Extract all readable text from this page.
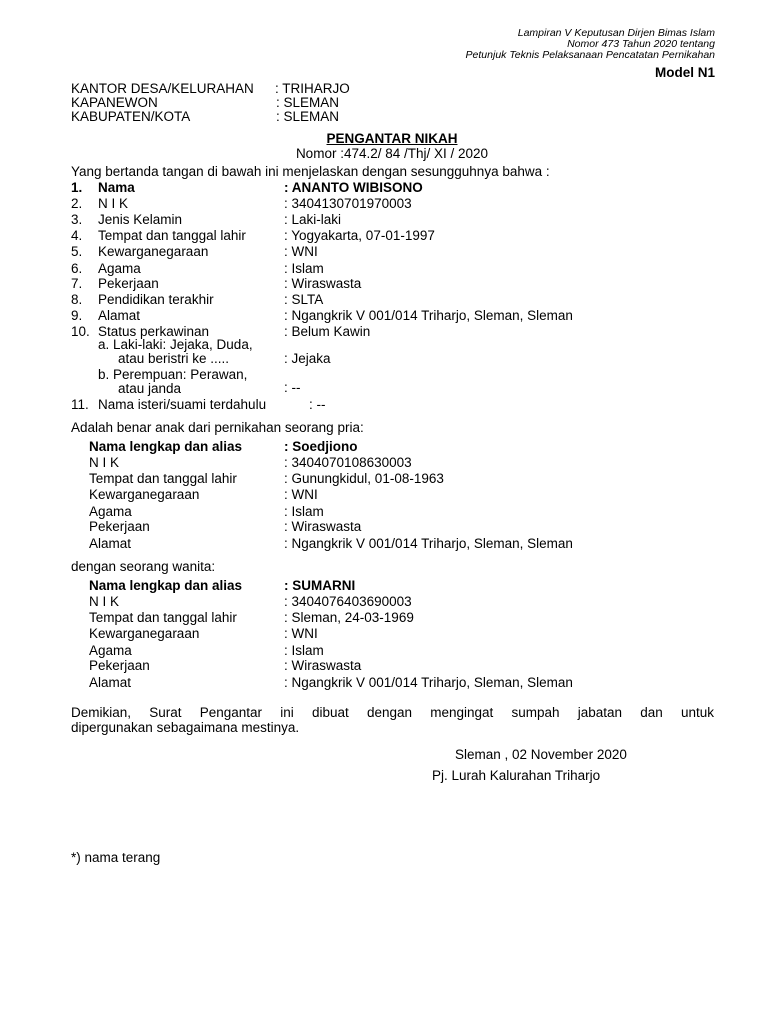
Lampiran V Keputusan Dirjen Bimas Islam
Nomor 473 Tahun 2020 tentang
Petunjuk Teknis Pelaksanaan Pencatatan Pernikahan
Model N1
KANTOR DESA/KELURAHAN : TRIHARJO
KAPANEWON	: SLEMAN
KABUPATEN/KOTA	: SLEMAN
PENGANTAR NIKAH
Nomor :474.2/ 84 /Thj/ XI / 2020
Yang bertanda tangan di bawah ini menjelaskan dengan sesungguhnya bahwa :
1. Nama	: ANANTO WIBISONO
2. N I K	: 3404130701970003
3. Jenis Kelamin	: Laki-laki
4. Tempat dan tanggal lahir	: Yogyakarta, 07-01-1997
5. Kewarganegaraan	: WNI
6. Agama	: Islam
7. Pekerjaan	: Wiraswasta
8. Pendidikan terakhir	: SLTA
9. Alamat	: Ngangkrik V 001/014 Triharjo, Sleman, Sleman
10. Status perkawinan	: Belum Kawin
a. Laki-laki: Jejaka, Duda,
atau beristri ke .....	: Jejaka
b. Perempuan: Perawan,
atau janda	: --
11. Nama isteri/suami terdahulu	: --
Adalah benar anak dari pernikahan seorang pria:
Nama lengkap dan alias	: Soedjiono
N I K	: 3404070108630003
Tempat dan tanggal lahir	: Gunungkidul, 01-08-1963
Kewarganegaraan	: WNI
Agama	: Islam
Pekerjaan	: Wiraswasta
Alamat	: Ngangkrik V 001/014 Triharjo, Sleman, Sleman
dengan seorang wanita:
Nama lengkap dan alias	: SUMARNI
N I K	: 3404076403690003
Tempat dan tanggal lahir	: Sleman, 24-03-1969
Kewarganegaraan	: WNI
Agama	: Islam
Pekerjaan	: Wiraswasta
Alamat	: Ngangkrik V 001/014 Triharjo, Sleman, Sleman
Demikian, Surat Pengantar ini dibuat dengan mengingat sumpah jabatan dan untuk
dipergunakan sebagaimana mestinya.
Sleman , 02 November 2020
Pj. Lurah Kalurahan Triharjo
*) nama terang
